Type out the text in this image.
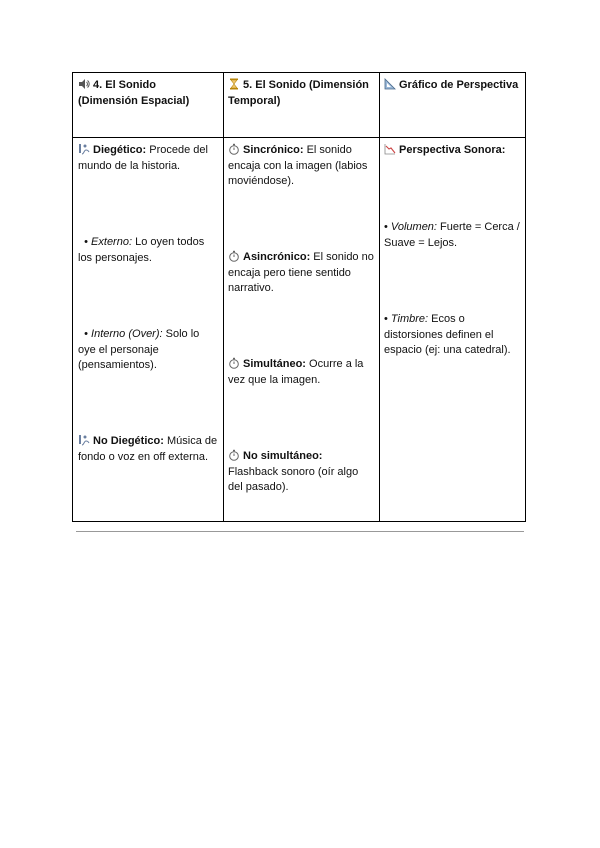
4. El Sonido (Dimensión Espacial)
5. El Sonido (Dimensión Temporal)
Gráfico de Perspectiva
Diegético: Procede del mundo de la historia.
• Externo: Lo oyen todos los personajes.
• Interno (Over): Solo lo oye el personaje (pensamientos).
No Diegético: Música de fondo o voz en off externa.
Sincrónico: El sonido encaja con la imagen (labios moviéndose).
Asincrónico: El sonido no encaja pero tiene sentido narrativo.
Simultáneo: Ocurre a la vez que la imagen.
No simultáneo:
Flashback sonoro (oír algo del pasado).
Perspectiva Sonora:
• Volumen: Fuerte = Cerca / Suave = Lejos.
• Timbre: Ecos o distorsiones definen el espacio (ej: una catedral).
